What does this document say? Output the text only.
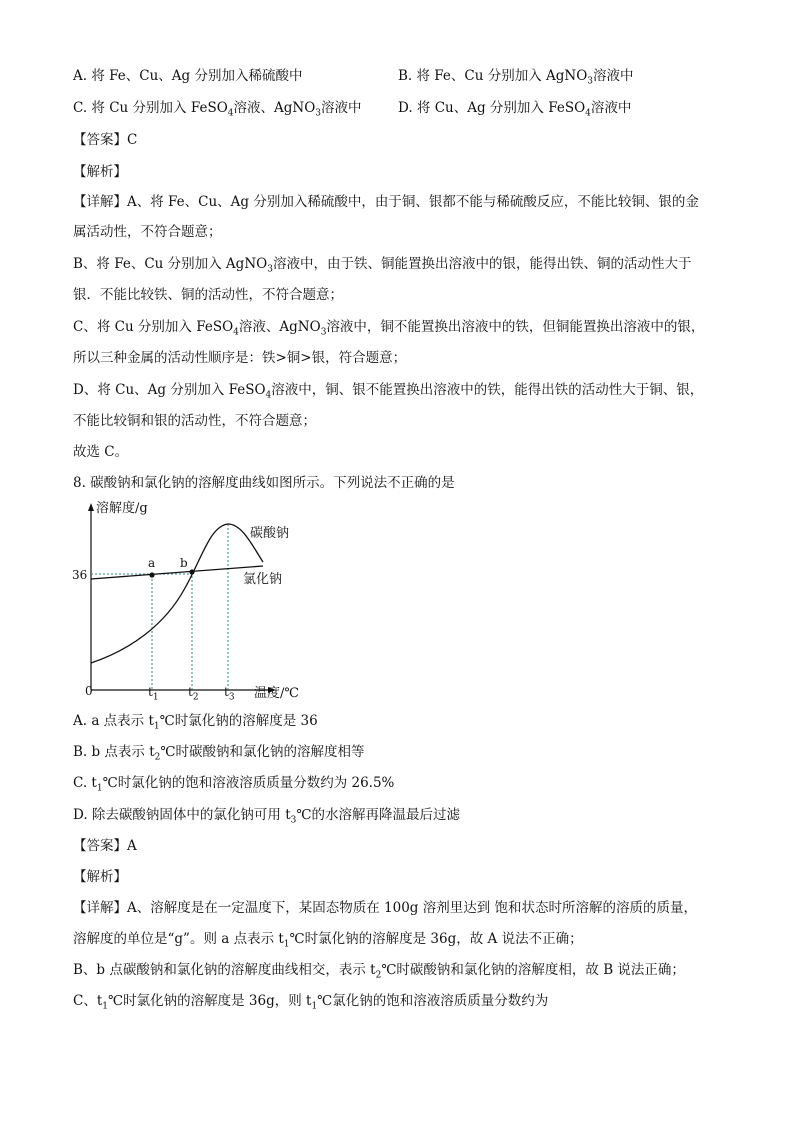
A. 将 Fe、Cu、Ag 分别加入稀硫酸中	B. 将 Fe、Cu 分别加入 AgNO$_3$溶液中
C. 将 Cu 分别加入 FeSO$_4$溶液、AgNO$_3$溶液中	D. 将 Cu、Ag 分别加入 FeSO$_4$溶液中
【答案】C
【解析】
【详解】A、将 Fe、Cu、Ag 分别加入稀硫酸中，由于铜、银都不能与稀硫酸反应，不能比较铜、银的金
属活动性，不符合题意；
B、将 Fe、Cu 分别加入 AgNO$_3$溶液中，由于铁、铜能置换出溶液中的银，能得出铁、铜的活动性大于
银．不能比较铁、铜的活动性，不符合题意；
C、将 Cu 分别加入 FeSO$_4$溶液、AgNO$_3$溶液中，铜不能置换出溶液中的铁，但铜能置换出溶液中的银，
所以三种金属的活动性顺序是：铁>铜>银，符合题意；
D、将 Cu、Ag 分别加入 FeSO$_4$溶液中，铜、银不能置换出溶液中的铁，能得出铁的活动性大于铜、银，
不能比较铜和银的活动性，不符合题意；
故选 C。
8. 碳酸钠和氯化钠的溶解度曲线如图所示。下列说法不正确的是
溶解度/g
温度/℃
0
36
a b
$t_1$ $t_2$ $t_3$
碳酸钠
氯化钠
A. a 点表示 $t_1℃$时氯化钠的溶解度是 36
B. b 点表示 $t_2℃$时碳酸钠和氯化钠的溶解度相等
C. $t_1℃$时氯化钠的饱和溶液溶质质量分数约为 26.5%
D. 除去碳酸钠固体中的氯化钠可用 $t_3℃$的水溶解再降温最后过滤
【答案】A
【解析】
【详解】A、溶解度是在一定温度下，某固态物质在 100g 溶剂里达到 饱和状态时所溶解的溶质的质量，
溶解度的单位是“g”。则 a 点表示 $t_1℃$时氯化钠的溶解度是 36g，故 A 说法不正确；
B、b 点碳酸钠和氯化钠的溶解度曲线相交，表示 $t_2℃$时碳酸钠和氯化钠的溶解度相，故 B 说法正确；
C、$t_1℃$时氯化钠的溶解度是 36g，则 $t_1℃$氯化钠的饱和溶液溶质质量分数约为
